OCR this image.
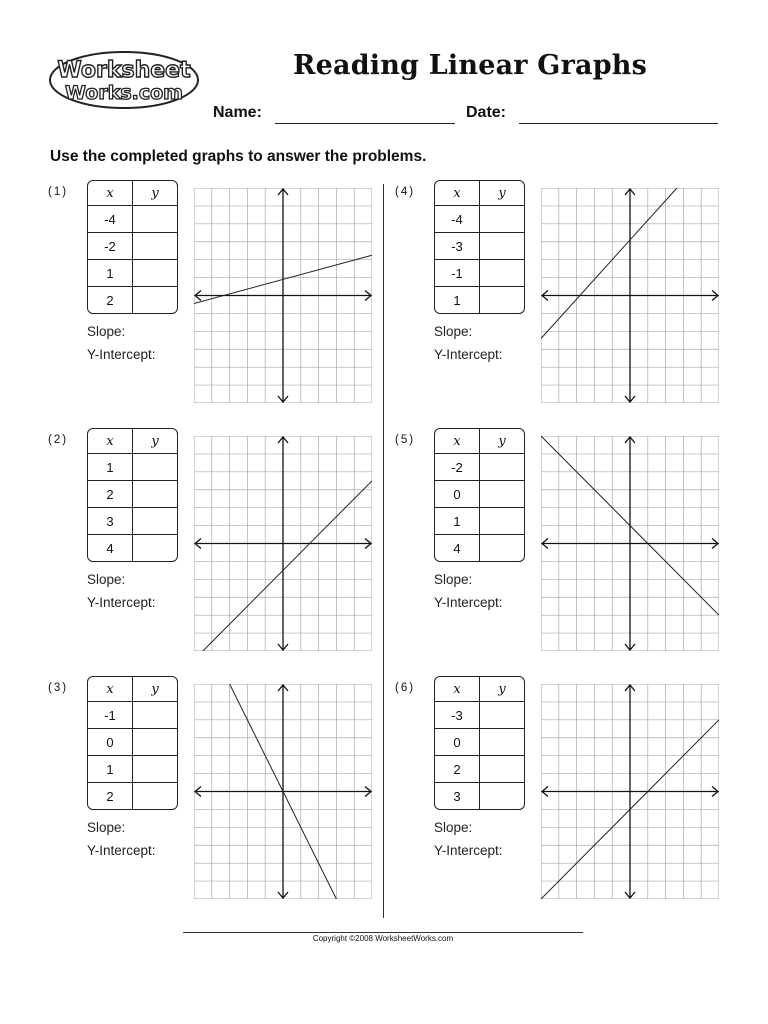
Worksheet
Works.com
Reading Linear Graphs
Name:	Date:
Use the completed graphs to answer the problems.
(1)	x	y
-4	
-2	
1	
2	
Slope:
Y-Intercept:
(2)	x	y
1	
2	
3	
4	
Slope:
Y-Intercept:
(3)	x	y
-1	
0	
1	
2	
Slope:
Y-Intercept:
(4)	x	y
-4	
-3	
-1	
1	
Slope:
Y-Intercept:
(5)	x	y
-2	
0	
1	
4	
Slope:
Y-Intercept:
(6)	x	y
-3	
0	
2	
3	
Slope:
Y-Intercept:
Copyright ©2008 WorksheetWorks.com
